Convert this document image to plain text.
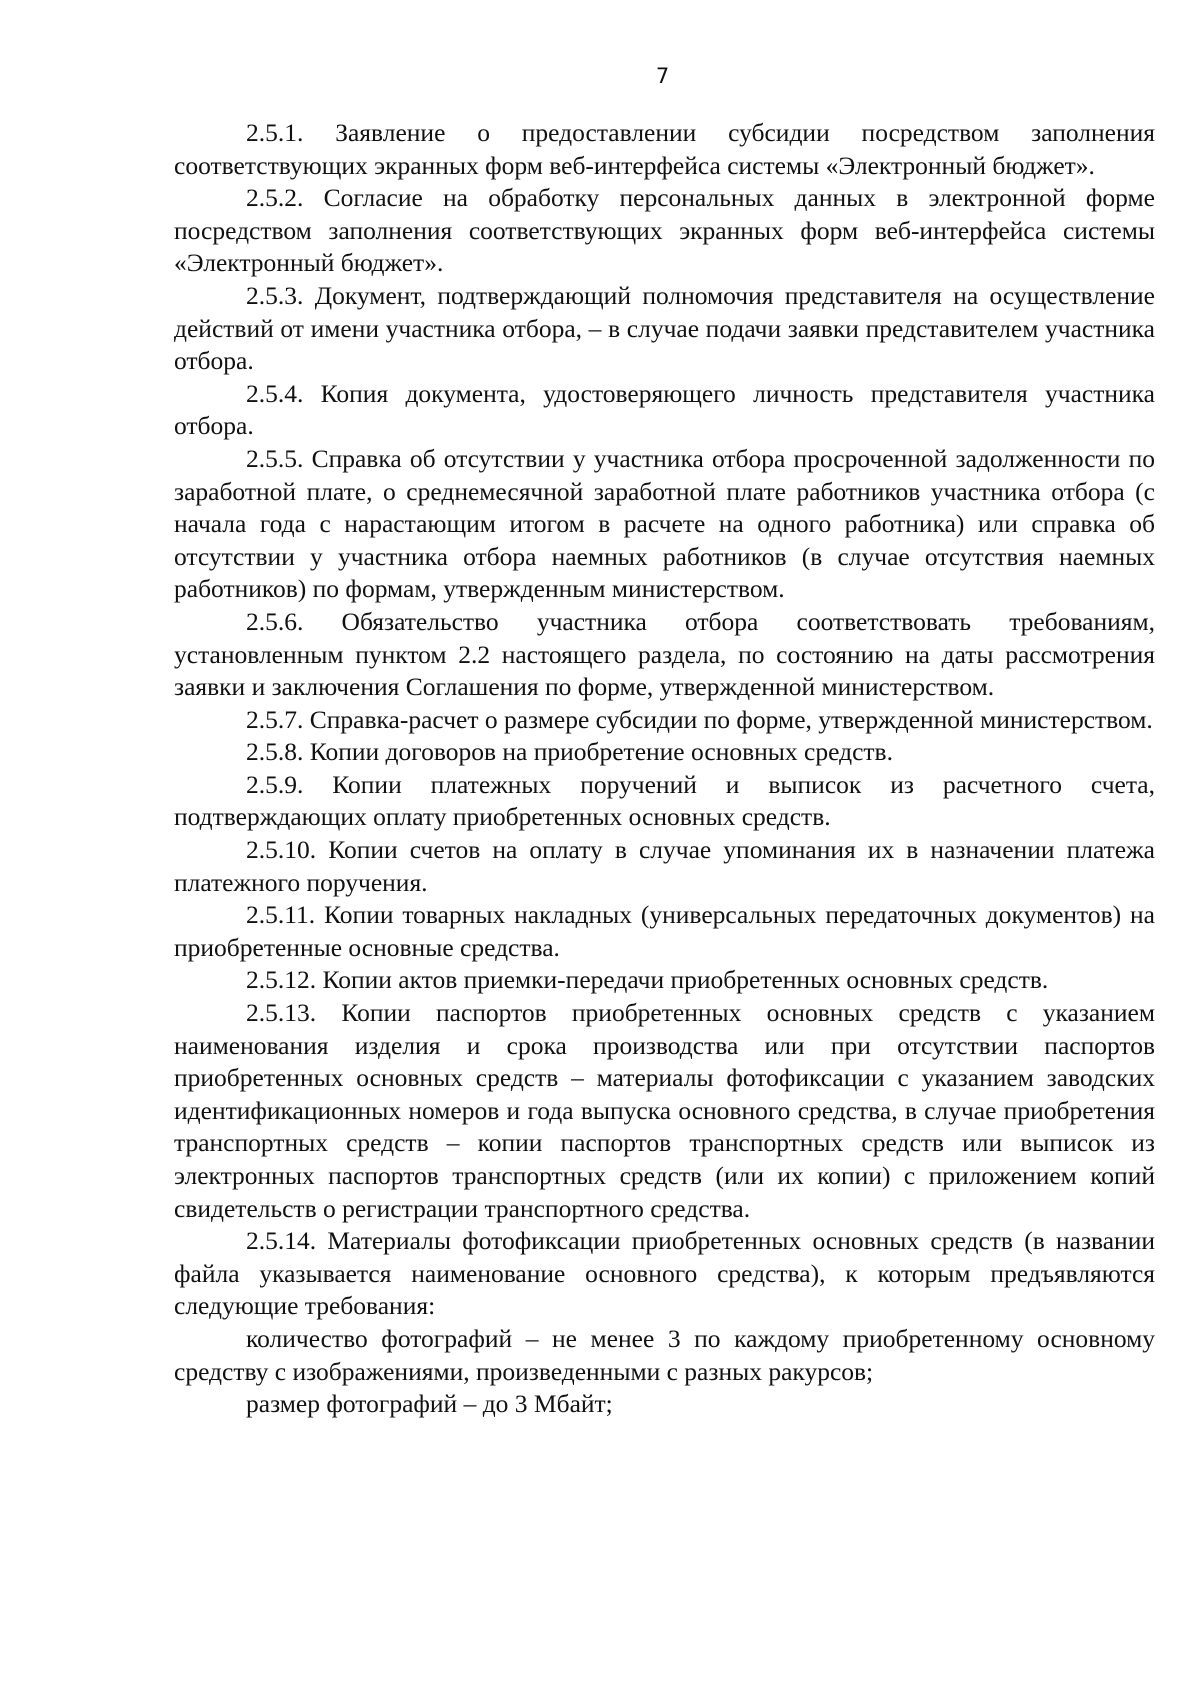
7

2.5.1. Заявление о предоставлении субсидии посредством заполнения соответствующих экранных форм веб-интерфейса системы «Электронный бюджет».

2.5.2. Согласие на обработку персональных данных в электронной форме посредством заполнения соответствующих экранных форм веб-интерфейса системы «Электронный бюджет».

2.5.3. Документ, подтверждающий полномочия представителя на осуществление действий от имени участника отбора, – в случае подачи заявки представителем участника отбора.

2.5.4. Копия документа, удостоверяющего личность представителя участника отбора.

2.5.5. Справка об отсутствии у участника отбора просроченной задолженности по заработной плате, о среднемесячной заработной плате работников участника отбора (с начала года с нарастающим итогом в расчете на одного работника) или справка об отсутствии у участника отбора наемных работников (в случае отсутствия наемных работников) по формам, утвержденным министерством.

2.5.6. Обязательство участника отбора соответствовать требованиям, установленным пунктом 2.2 настоящего раздела, по состоянию на даты рассмотрения заявки и заключения Соглашения по форме, утвержденной министерством.

2.5.7. Справка-расчет о размере субсидии по форме, утвержденной министерством.

2.5.8. Копии договоров на приобретение основных средств.

2.5.9. Копии платежных поручений и выписок из расчетного счета, подтверждающих оплату приобретенных основных средств.

2.5.10. Копии счетов на оплату в случае упоминания их в назначении платежа платежного поручения.

2.5.11. Копии товарных накладных (универсальных передаточных документов) на приобретенные основные средства.

2.5.12. Копии актов приемки-передачи приобретенных основных средств.

2.5.13. Копии паспортов приобретенных основных средств с указанием наименования изделия и срока производства или при отсутствии паспортов приобретенных основных средств – материалы фотофиксации с указанием заводских идентификационных номеров и года выпуска основного средства, в случае приобретения транспортных средств – копии паспортов транспортных средств или выписок из электронных паспортов транспортных средств (или их копии) с приложением копий свидетельств о регистрации транспортного средства.

2.5.14. Материалы фотофиксации приобретенных основных средств (в названии файла указывается наименование основного средства), к которым предъявляются следующие требования:

количество фотографий – не менее 3 по каждому приобретенному основному средству с изображениями, произведенными с разных ракурсов;

размер фотографий – до 3 Мбайт;
